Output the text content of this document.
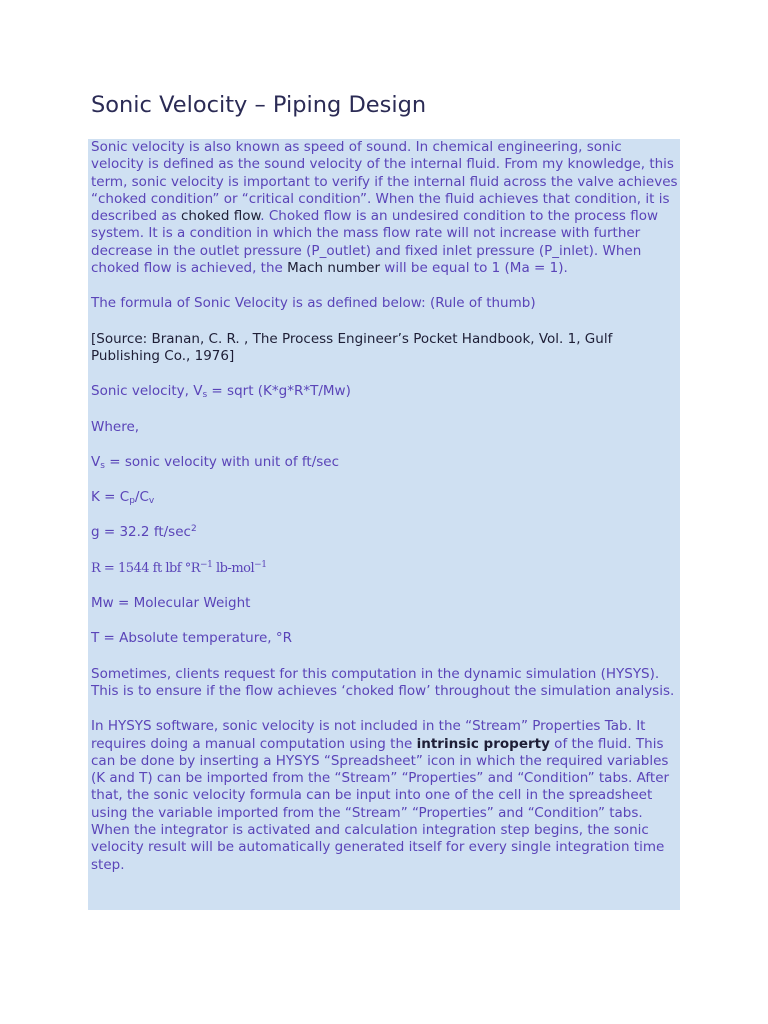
Sonic Velocity – Piping Design

Sonic velocity is also known as speed of sound. In chemical engineering, sonic velocity is defined as the sound velocity of the internal fluid. From my knowledge, this term, sonic velocity is important to verify if the internal fluid across the valve achieves “choked condition” or “critical condition”. When the fluid achieves that condition, it is described as choked flow. Choked flow is an undesired condition to the process flow system. It is a condition in which the mass flow rate will not increase with further decrease in the outlet pressure (P_outlet) and fixed inlet pressure (P_inlet). When choked flow is achieved, the Mach number will be equal to 1 (Ma = 1).

The formula of Sonic Velocity is as defined below: (Rule of thumb)

[Source: Branan, C. R. , The Process Engineer’s Pocket Handbook, Vol. 1, Gulf Publishing Co., 1976]

Sonic velocity, $V_s$ = sqrt (K*g*R*T/Mw)

Where,

$V_s$ = sonic velocity with unit of ft/sec

$K = C_p/C_v$

g = 32.2 $ft/\sec^2$

R = 1544 ft lbf $^\circ R^{-1}$ lb-mol$^{-1}$

Mw = Molecular Weight

T = Absolute temperature, °R

Sometimes, clients request for this computation in the dynamic simulation (HYSYS). This is to ensure if the flow achieves ‘choked flow’ throughout the simulation analysis.

In HYSYS software, sonic velocity is not included in the “Stream” Properties Tab. It requires doing a manual computation using the intrinsic property of the fluid. This can be done by inserting a HYSYS “Spreadsheet” icon in which the required variables (K and T) can be imported from the “Stream” “Properties” and “Condition” tabs. After that, the sonic velocity formula can be input into one of the cell in the spreadsheet using the variable imported from the “Stream” “Properties” and “Condition” tabs. When the integrator is activated and calculation integration step begins, the sonic velocity result will be automatically generated itself for every single integration time step.
